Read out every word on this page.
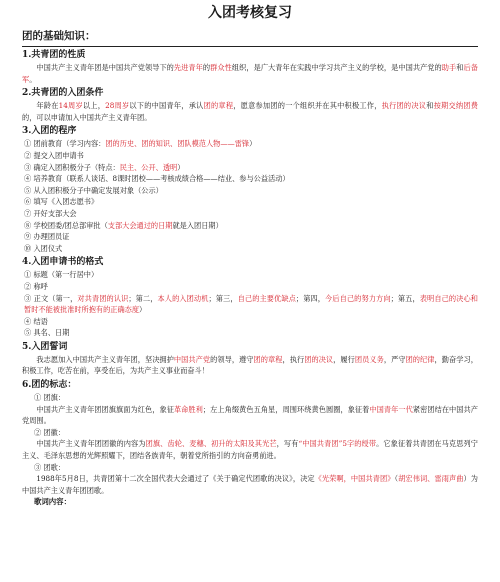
入团考核复习
团的基础知识：
1.共青团的性质
中国共产主义青年团是中国共产党领导下的先进青年的群众性组织，是广大青年在实践中学习共产主义的学校，是中国共产党的助手和后备军。
2.共青团的入团条件
年龄在14周岁以上，28周岁以下的中国青年，承认团的章程，愿意参加团的一个组织并在其中积极工作，执行团的决议和按期交纳团费的，可以申请加入中国共产主义青年团。
3.入团的程序
① 团前教育（学习内容：团的历史、团的知识、团队模范人物——雷锋）
② 提交入团申请书
③ 确定入团积极分子（特点：民主、公开、透明）
④ 培养教育（联系人谈话、8课时团校——考核成绩合格——结业、参与公益活动）
⑤ 从入团积极分子中确定发展对象（公示）
⑥ 填写《入团志愿书》
⑦ 开好支部大会
⑧ 学校团委/团总部审批（支部大会通过的日期就是入团日期）
⑨ 办理团员证
⑩ 入团仪式
4.入团申请书的格式
① 标题（第一行居中）
② 称呼
③ 正文（第一，对共青团的认识；第二，本人的入团动机；第三，自己的主要优缺点；第四，今后自己的努力方向；第五，表明自己的决心和暂时不能被批准时所抱有的正确态度）
④ 结语
⑤ 具名、日期
5.入团誓词
我志愿加入中国共产主义青年团，坚决拥护中国共产党的领导，遵守团的章程，执行团的决议，履行团员义务，严守团的纪律，勤奋学习，积极工作，吃苦在前，享受在后，为共产主义事业而奋斗！
6.团的标志：
① 团旗：
中国共产主义青年团团旗旗面为红色，象征革命胜利；左上角缀黄色五角星，周围环绕黄色圆圈，象征着中国青年一代紧密团结在中国共产党周围。
② 团徽：
中国共产主义青年团团徽的内容为团旗、齿轮、麦穗、初升的太阳及其光芒，写有“中国共青团”5字的绶带。它象征着共青团在马克思列宁主义、毛泽东思想的光辉照耀下，团结各族青年，朝着党所指引的方向奋勇前进。
③ 团歌：
1988年5月8日，共青团第十二次全国代表大会通过了《关于确定代团歌的决议》，决定《光荣啊，中国共青团》（胡宏伟词、雷雨声曲）为中国共产主义青年团团歌。
歌词内容：
